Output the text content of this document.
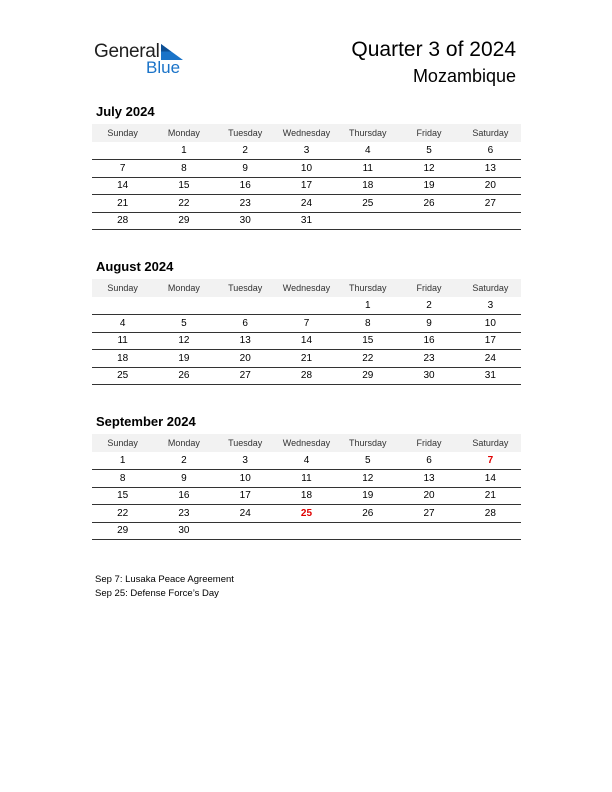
General
Blue
Quarter 3 of 2024
Mozambique
July 2024
Sunday	Monday	Tuesday	Wednesday	Thursday	Friday	Saturday
	1	2	3	4	5	6
7	8	9	10	11	12	13
14	15	16	17	18	19	20
21	22	23	24	25	26	27
28	29	30	31			
August 2024
Sunday	Monday	Tuesday	Wednesday	Thursday	Friday	Saturday
				1	2	3
4	5	6	7	8	9	10
11	12	13	14	15	16	17
18	19	20	21	22	23	24
25	26	27	28	29	30	31
September 2024
Sunday	Monday	Tuesday	Wednesday	Thursday	Friday	Saturday
1	2	3	4	5	6	7
8	9	10	11	12	13	14
15	16	17	18	19	20	21
22	23	24	25	26	27	28
29	30					
Sep 7: Lusaka Peace Agreement
Sep 25: Defense Force’s Day
